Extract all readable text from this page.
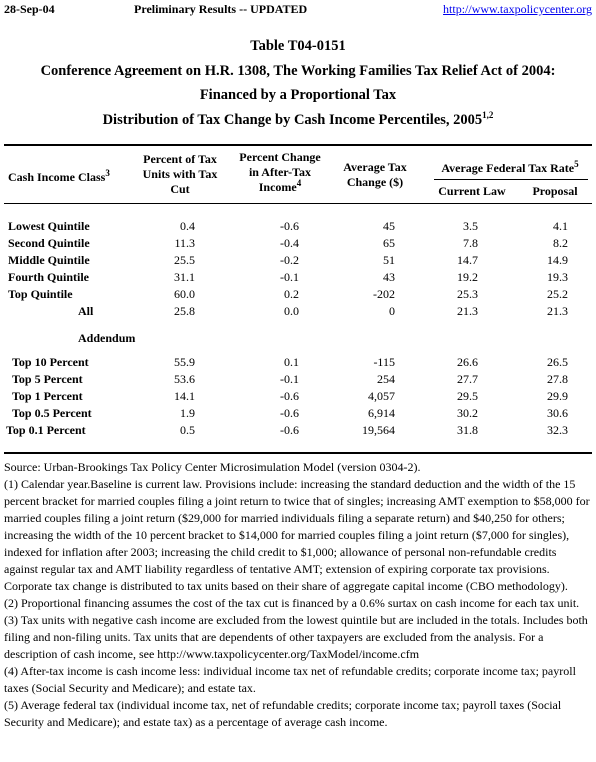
28-Sep-04	Preliminary Results -- UPDATED	http://www.taxpolicycenter.org
Table T04-0151
Conference Agreement on H.R. 1308, The Working Families Tax Relief Act of 2004:
Financed by a Proportional Tax
Distribution of Tax Change by Cash Income Percentiles, 2005$^{1,2}$
Cash Income Class$^3$
Percent of Tax
Units with Tax
Cut
Percent Change
in After-Tax
Income$^4$
Average Tax
Change ($)
Average Federal Tax Rate$^5$
Current Law	Proposal
Lowest Quintile	0.4	-0.6	45	3.5	4.1
Second Quintile	11.3	-0.4	65	7.8	8.2
Middle Quintile	25.5	-0.2	51	14.7	14.9
Fourth Quintile	31.1	-0.1	43	19.2	19.3
Top Quintile	60.0	0.2	-202	25.3	25.2
All	25.8	0.0	0	21.3	21.3
Addendum
Top 10 Percent	55.9	0.1	-115	26.6	26.5
Top 5 Percent	53.6	-0.1	254	27.7	27.8
Top 1 Percent	14.1	-0.6	4,057	29.5	29.9
Top 0.5 Percent	1.9	-0.6	6,914	30.2	30.6
Top 0.1 Percent	0.5	-0.6	19,564	31.8	32.3

Source: Urban-Brookings Tax Policy Center Microsimulation Model (version 0304-2).

(1) Calendar year.Baseline is current law. Provisions include: increasing the standard deduction and the width of the 15 percent bracket for married couples filing a joint return to twice that of singles; increasing AMT exemption to $58,000 for married couples filing a joint return ($29,000 for married individuals filing a separate return) and $40,250 for others; increasing the width of the 10 percent bracket to $14,000 for married couples filing a joint return ($7,000 for singles), indexed for inflation after 2003; increasing the child credit to $1,000; allowance of personal non-refundable credits against regular tax and AMT liability regardless of tentative AMT; extension of expiring corporate tax provisions. Corporate tax change is distributed to tax units based on their share of aggregate capital income (CBO methodology).

(2) Proportional financing assumes the cost of the tax cut is financed by a 0.6% surtax on cash income for each tax unit.

(3) Tax units with negative cash income are excluded from the lowest quintile but are included in the totals. Includes both filing and non-filing units. Tax units that are dependents of other taxpayers are excluded from the analysis. For a description of cash income, see http://www.taxpolicycenter.org/TaxModel/income.cfm

(4) After-tax income is cash income less: individual income tax net of refundable credits; corporate income tax; payroll taxes (Social Security and Medicare); and estate tax.

(5) Average federal tax (individual income tax, net of refundable credits; corporate income tax; payroll taxes (Social Security and Medicare); and estate tax) as a percentage of average cash income.
